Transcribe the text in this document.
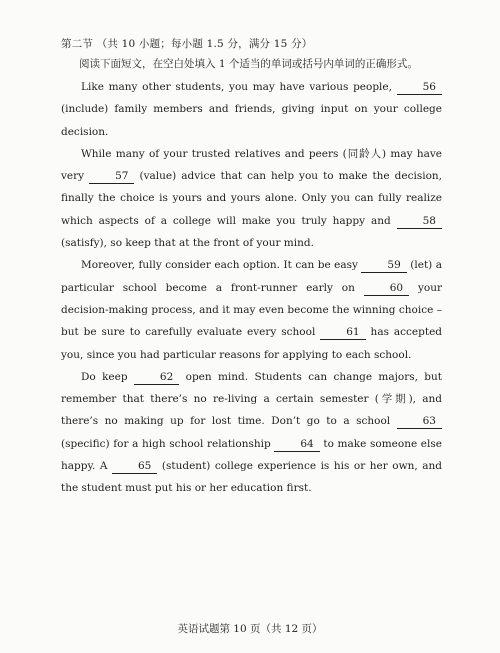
第二节 （共 10 小题；每小题 1.5 分，满分 15 分）
阅读下面短文，在空白处填入 1 个适当的单词或括号内单词的正确形式。

Like many other students, you may have various people, 56 (include) family members and friends, giving input on your college decision.

While many of your trusted relatives and peers (同龄人) may have very 57 (value) advice that can help you to make the decision, finally the choice is yours and yours alone. Only you can fully realize which aspects of a college will make you truly happy and 58 (satisfy), so keep that at the front of your mind.

Moreover, fully consider each option. It can be easy 59 (let) a particular school become a front-runner early on 60 your decision-making process, and it may even become the winning choice – but be sure to carefully evaluate every school 61 has accepted you, since you had particular reasons for applying to each school.

Do keep 62 open mind. Students can change majors, but remember that there’s no re-living a certain semester (学期), and there’s no making up for lost time. Don’t go to a school 63 (specific) for a high school relationship 64 to make someone else happy. A 65 (student) college experience is his or her own, and the student must put his or her education first.

英语试题第 10 页（共 12 页）
